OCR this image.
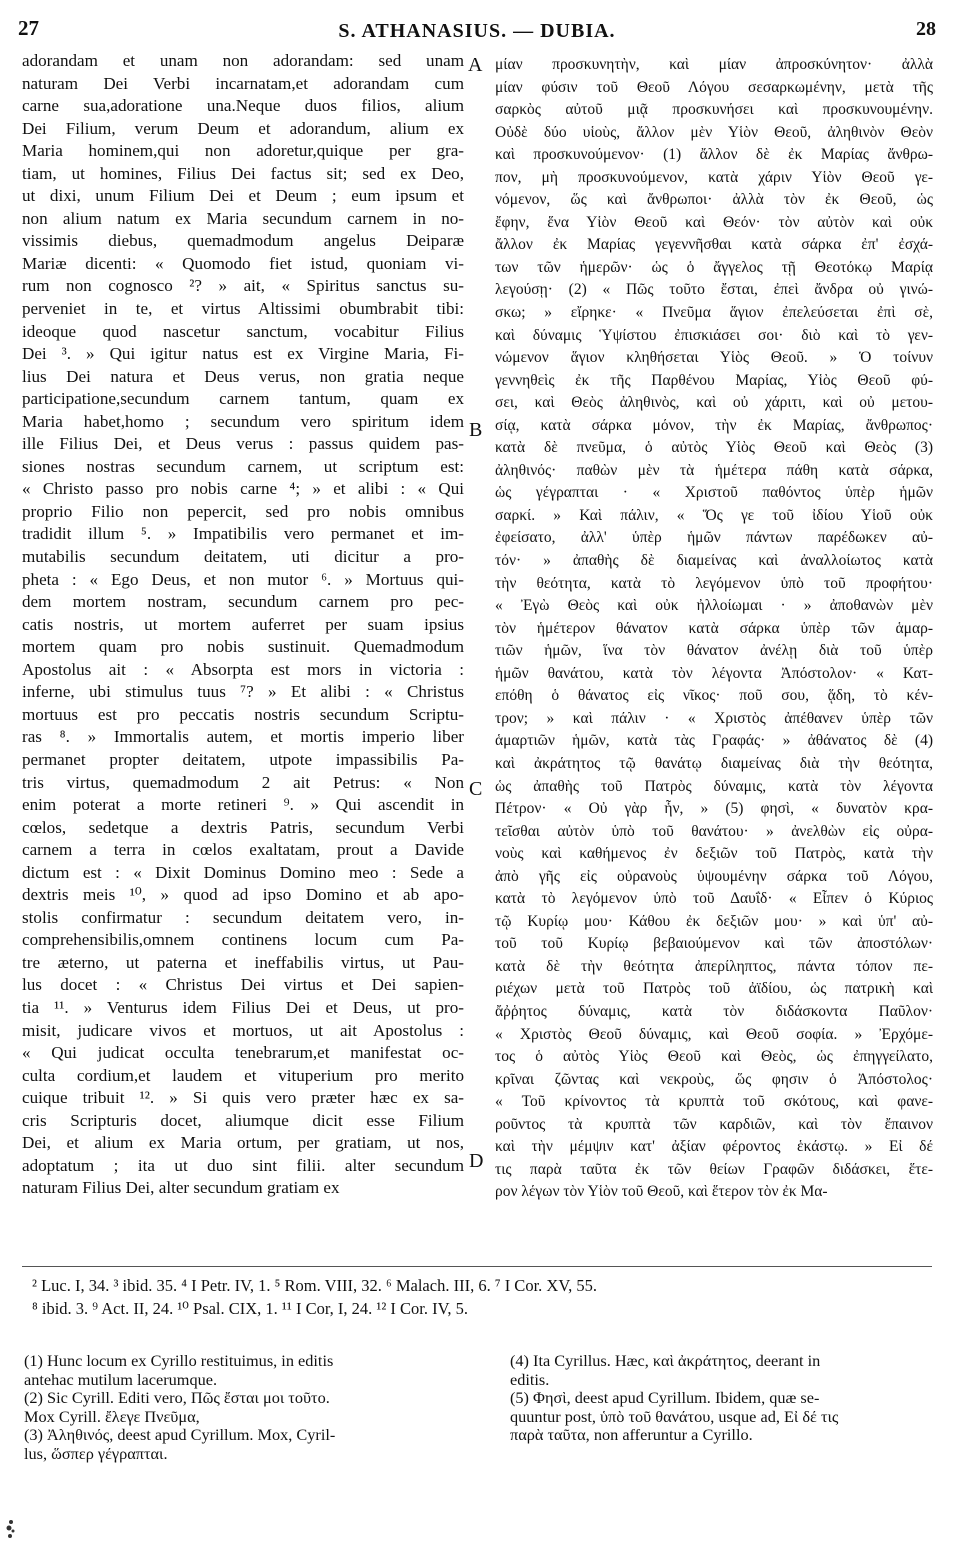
27	S. ATHANASIUS. — DUBIA.	28
adorandam et unam non adorandam: sed unam
naturam Dei Verbi incarnatam,et adorandam cum
carne sua,adoratione una.Neque duos filios, alium
Dei Filium, verum Deum et adorandum, alium ex
Maria hominem,qui non adoretur,quique per gra-
tiam, ut homines, Filius Dei factus sit; sed ex Deo,
ut dixi, unum Filium Dei et Deum ; eum ipsum et
non alium natum ex Maria secundum carnem in no-
vissimis diebus, quemadmodum angelus Deiparæ
Mariæ dicenti: « Quomodo fiet istud, quoniam vi-
rum non cognosco ²? » ait, « Spiritus sanctus su-
perveniet in te, et virtus Altissimi obumbrabit tibi:
ideoque quod nascetur sanctum, vocabitur Filius
Dei ³. » Qui igitur natus est ex Virgine Maria, Fi-
lius Dei natura et Deus verus, non gratia neque
participatione,secundum carnem tantum, quam ex
Maria habet,homo ; secundum vero spiritum idem
ille Filius Dei, et Deus verus : passus quidem pas-
siones nostras secundum carnem, ut scriptum est:
« Christo passo pro nobis carne ⁴; » et alibi : « Qui
proprio Filio non pepercit, sed pro nobis omnibus
tradidit illum ⁵. » Impatibilis vero permanet et im-
mutabilis secundum deitatem, uti dicitur a pro-
pheta : « Ego Deus, et non mutor ⁶. » Mortuus qui-
dem mortem nostram, secundum carnem pro pec-
catis nostris, ut mortem auferret per suam ipsius
mortem quam pro nobis sustinuit. Quemadmodum
Apostolus ait : « Absorpta est mors in victoria :
inferne, ubi stimulus tuus ⁷? » Et alibi : « Christus
mortuus est pro peccatis nostris secundum Scriptu-
ras ⁸. » Immortalis autem, et mortis imperio liber
permanet propter deitatem, utpote impassibilis Pa-
tris virtus, quemadmodum 2 ait Petrus: « Non
enim poterat a morte retineri ⁹. » Qui ascendit in
cœlos, sedetque a dextris Patris, secundum Verbi
carnem a terra in cœlos exaltatam, prout a Davide
dictum est : « Dixit Dominus Domino meo : Sede a
dextris meis ¹⁰, » quod ad ipso Domino et ab apo-
stolis confirmatur : secundum deitatem vero, in-
comprehensibilis,omnem continens locum cum Pa-
tre æterno, ut paterna et ineffabilis virtus, ut Pau-
lus docet : « Christus Dei virtus et Dei sapien-
tia ¹¹. » Venturus idem Filius Dei et Deus, ut pro-
misit, judicare vivos et mortuos, ut ait Apostolus :
« Qui judicat occulta tenebrarum,et manifestat oc-
culta cordium,et laudem et vituperium pro merito
cuique tribuit ¹². » Si quis vero præter hæc ex sa-
cris Scripturis docet, aliumque dicit esse Filium
Dei, et alium ex Maria ortum, per gratiam, ut nos,
adoptatum ; ita ut duo sint filii. alter secundum
naturam Filius Dei, alter secundum gratiam ex
μίαν προσκυνητὴν, καὶ μίαν ἀπροσκύνητον· ἀλλὰ
μίαν φύσιν τοῦ Θεοῦ Λόγου σεσαρκωμένην, μετὰ τῆς
σαρκὸς αὐτοῦ μιᾷ προσκυνήσει καὶ προσκυνουμένην.
Οὐδὲ δύο υἱοὺς, ἄλλον μὲν Υἱὸν Θεοῦ, ἀληθινὸν Θεὸν
καὶ προσκυνούμενον· (1) ἄλλον δὲ ἐκ Μαρίας ἄνθρω-
πον, μὴ προσκυνούμενον, κατὰ χάριν Υἱὸν Θεοῦ γε-
νόμενον, ὥς καὶ ἄνθρωποι· ἀλλὰ τὸν ἐκ Θεοῦ, ὡς
ἔφην, ἕνα Υἱὸν Θεοῦ καὶ Θεόν· τὸν αὐτὸν καὶ οὐκ
ἄλλον ἐκ Μαρίας γεγεννῆσθαι κατὰ σάρκα ἐπ' ἐσχά-
των τῶν ἡμερῶν· ὡς ὁ ἄγγελος τῇ Θεοτόκῳ Μαρίᾳ
λεγούσῃ· (2) « Πῶς τοῦτο ἔσται, ἐπεὶ ἄνδρα οὐ γινώ-
σκω; » εἴρηκε· « Πνεῦμα ἅγιον ἐπελεύσεται ἐπὶ σὲ,
καὶ δύναμις Ὑψίστου ἐπισκιάσει σοι· διὸ καὶ τὸ γεν-
νώμενον ἅγιον κληθήσεται Υἱὸς Θεοῦ. » Ὁ τοίνυν
γεννηθεὶς ἐκ τῆς Παρθένου Μαρίας, Υἱὸς Θεοῦ φύ-
σει, καὶ Θεὸς ἀληθινὸς, καὶ οὐ χάριτι, καὶ οὐ μετου-
σίᾳ, κατὰ σάρκα μόνον, τὴν ἐκ Μαρίας, ἄνθρωπος·
κατὰ δὲ πνεῦμα, ὁ αὐτὸς Υἱὸς Θεοῦ καὶ Θεὸς (3)
ἀληθινός· παθὼν μὲν τὰ ἡμέτερα πάθη κατὰ σάρκα,
ὡς γέγραπται · « Χριστοῦ παθόντος ὑπὲρ ἡμῶν
σαρκί. » Καὶ πάλιν, « Ὅς γε τοῦ ἰδίου Υἱοῦ οὐκ
ἐφείσατο, ἀλλ' ὑπὲρ ἡμῶν πάντων παρέδωκεν αὐ-
τόν· » ἀπαθὴς δὲ διαμείνας καὶ ἀναλλοίωτος κατὰ
τὴν θεότητα, κατὰ τὸ λεγόμενον ὑπὸ τοῦ προφήτου·
« Ἐγὼ Θεὸς καὶ οὐκ ἠλλοίωμαι · » ἀποθανὼν μὲν
τὸν ἡμέτερον θάνατον κατὰ σάρκα ὑπὲρ τῶν ἁμαρ-
τιῶν ἡμῶν, ἵνα τὸν θάνατον ἀνέλῃ διὰ τοῦ ὑπὲρ
ἡμῶν θανάτου, κατὰ τὸν λέγοντα Ἀπόστολον· « Κατ-
επόθη ὁ θάνατος εἰς νῖκος· ποῦ σου, ᾅδη, τὸ κέν-
τρον; » καὶ πάλιν · « Χριστὸς ἀπέθανεν ὑπὲρ τῶν
ἁμαρτιῶν ἡμῶν, κατὰ τὰς Γραφάς· » ἀθάνατος δὲ (4)
καὶ ἀκράτητος τῷ θανάτῳ διαμείνας διὰ τὴν θεότητα,
ὡς ἀπαθὴς τοῦ Πατρὸς δύναμις, κατὰ τὸν λέγοντα
Πέτρον· « Οὐ γὰρ ἦν, » (5) φησὶ, « δυνατὸν κρα-
τεῖσθαι αὐτὸν ὑπὸ τοῦ θανάτου· » ἀνελθὼν εἰς οὐρα-
νοὺς καὶ καθήμενος ἐν δεξιῶν τοῦ Πατρὸς, κατὰ τὴν
ἀπὸ γῆς εἰς οὐρανοὺς ὑψουμένην σάρκα τοῦ Λόγου,
κατὰ τὸ λεγόμενον ὑπὸ τοῦ Δαυΐδ· « Εἶπεν ὁ Κύριος
τῷ Κυρίῳ μου· Κάθου ἐκ δεξιῶν μου· » καὶ ὑπ' αὐ-
τοῦ τοῦ Κυρίῳ βεβαιούμενον καὶ τῶν ἀποστόλων·
κατὰ δὲ τὴν θεότητα ἀπερίληπτος, πάντα τόπον πε-
ριέχων μετὰ τοῦ Πατρὸς τοῦ ἀϊδίου, ὡς πατρικὴ καὶ
ἄῤῥητος δύναμις, κατὰ τὸν διδάσκοντα Παῦλον·
« Χριστὸς Θεοῦ δύναμις, καὶ Θεοῦ σοφία. » Ἐρχόμε-
τος ὁ αὐτὸς Υἱὸς Θεοῦ καὶ Θεὸς, ὡς ἐπηγγείλατο,
κρῖναι ζῶντας καὶ νεκροὺς, ὥς φησιν ὁ Ἀπόστολος·
« Τοῦ κρίνοντος τὰ κρυπτὰ τοῦ σκότους, καὶ φανε-
ροῦντος τὰ κρυπτὰ τῶν καρδιῶν, καὶ τὸν ἔπαινον
καὶ τὴν μέμψιν κατ' ἀξίαν φέροντος ἑκάστῳ. » Εἰ δέ
τις παρὰ ταῦτα ἐκ τῶν θείων Γραφῶν διδάσκει, ἕτε-
ρον λέγων τὸν Υἱὸν τοῦ Θεοῦ, καὶ ἕτερον τὸν ἐκ Μα-
A
B
C
D
² Luc. I, 34. ³ ibid. 35. ⁴ I Petr. IV, 1. ⁵ Rom. VIII, 32. ⁶ Malach. III, 6. ⁷ I Cor. XV, 55.
⁸ ibid. 3. ⁹ Act. II, 24. ¹⁰ Psal. CIX, 1. ¹¹ I Cor, I, 24. ¹² I Cor. IV, 5.
(1) Hunc locum ex Cyrillo restituimus, in editis
antehac mutilum lacerumque.
(2) Sic Cyrill. Editi vero, Πῶς ἔσται μοι τοῦτο.
Mox Cyrill. ἔλεγε Πνεῦμα,
(3) Ἀληθινός, deest apud Cyrillum. Mox, Cyril-
lus, ὥσπερ γέγραπται.
(4) Ita Cyrillus. Hæc, καὶ ἀκράτητος, deerant in
editis.
(5) Φησὶ, deest apud Cyrillum. Ibidem, quæ se-
quuntur post, ὑπὸ τοῦ θανάτου, usque ad, Εἰ δέ τις
παρὰ ταῦτα, non afferuntur a Cyrillo.
